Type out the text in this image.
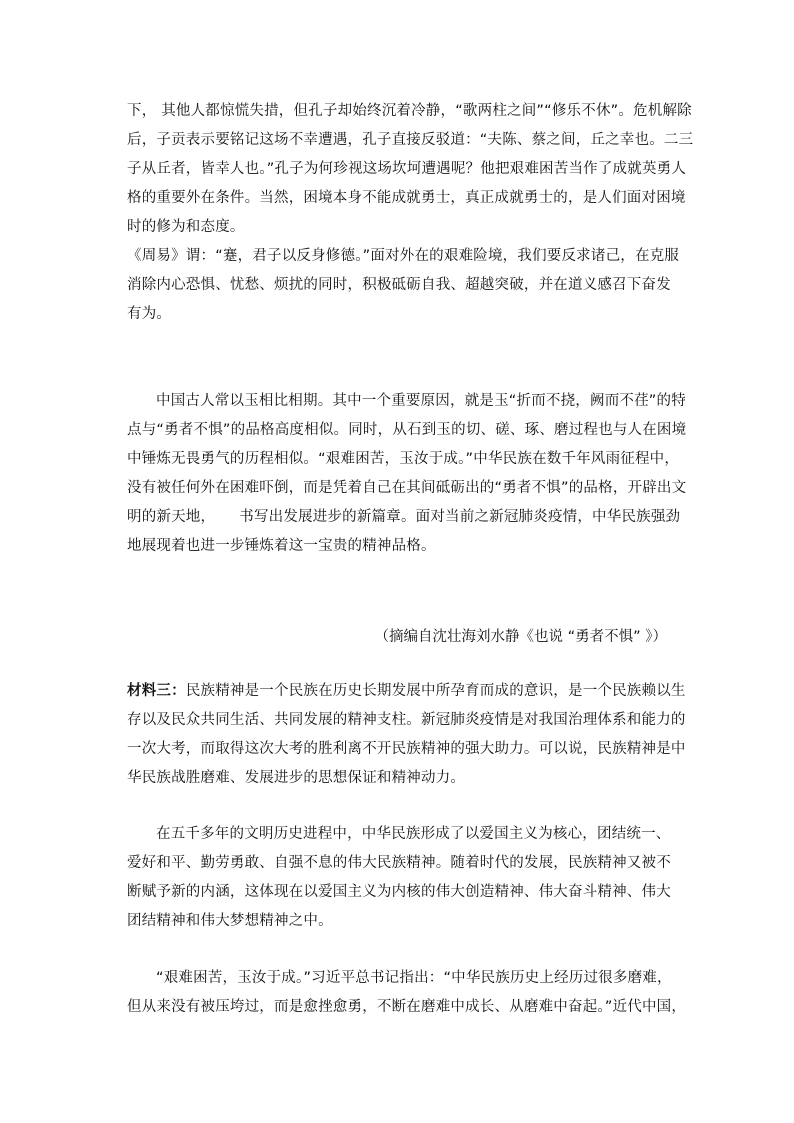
下， 其他人都惊慌失措，但孔子却始终沉着冷静，“歌两柱之间”“修乐不休”。危机解除
后，子贡表示要铭记这场不幸遭遇，孔子直接反驳道：“夫陈、蔡之间，丘之幸也。二三
子从丘者，皆幸人也。”孔子为何珍视这场坎坷遭遇呢？他把艰难困苦当作了成就英勇人
格的重要外在条件。当然，困境本身不能成就勇士，真正成就勇士的，是人们面对困境
时的修为和态度。
《周易》谓：“蹇，君子以反身修德。”面对外在的艰难险境，我们要反求诸己，在克服
消除内心恐惧、忧愁、烦扰的同时，积极砥砺自我、超越突破，并在道义感召下奋发
有为。
中国古人常以玉相比相期。其中一个重要原因，就是玉“折而不挠，阙而不荏”的特
点与“勇者不惧”的品格高度相似。同时，从石到玉的切、磋、琢、磨过程也与人在困境
中锤炼无畏勇气的历程相似。“艰难困苦，玉汝于成。”中华民族在数千年风雨征程中，
没有被任何外在困难吓倒，而是凭着自己在其间砥砺出的“勇者不惧”的品格，开辟出文
明的新天地，     书写出发展进步的新篇章。面对当前之新冠肺炎疫情，中华民族强劲
地展现着也进一步锤炼着这一宝贵的精神品格。
（摘编自沈壮海刘水静《也说 “勇者不惧” 》）
材料三：民族精神是一个民族在历史长期发展中所孕育而成的意识，是一个民族赖以生
存以及民众共同生活、共同发展的精神支柱。新冠肺炎疫情是对我国治理体系和能力的
一次大考，而取得这次大考的胜利离不开民族精神的强大助力。可以说，民族精神是中
华民族战胜磨难、发展进步的思想保证和精神动力。
在五千多年的文明历史进程中，中华民族形成了以爱国主义为核心，团结统一、
爱好和平、勤劳勇敢、自强不息的伟大民族精神。随着时代的发展，民族精神又被不
断赋予新的内涵，这体现在以爱国主义为内核的伟大创造精神、伟大奋斗精神、伟大
团结精神和伟大梦想精神之中。
“艰难困苦，玉汝于成。”习近平总书记指出：“中华民族历史上经历过很多磨难，
但从来没有被压垮过，而是愈挫愈勇，不断在磨难中成长、从磨难中奋起。”近代中国，
